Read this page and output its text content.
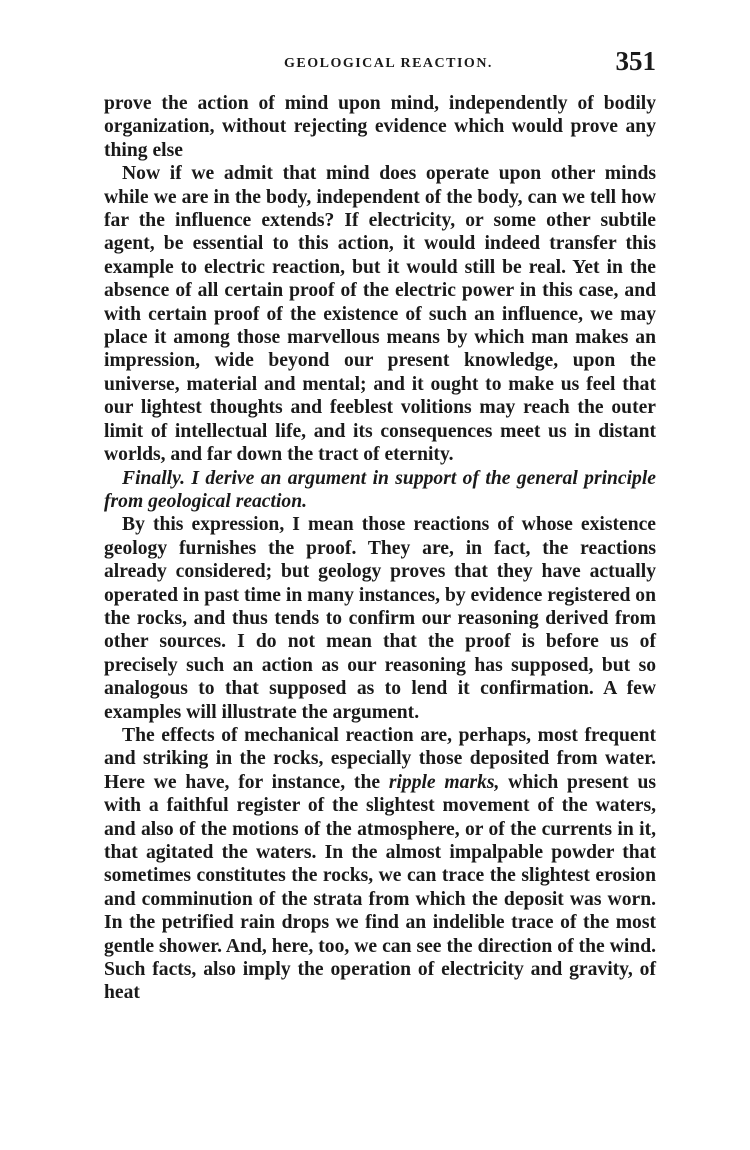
GEOLOGICAL REACTION.	351

prove the action of mind upon mind, independently of bodily organization, without rejecting evidence which would prove any thing else

Now if we admit that mind does operate upon other minds while we are in the body, independent of the body, can we tell how far the influence extends? If electricity, or some other subtile agent, be essential to this action, it would indeed transfer this example to electric reaction, but it would still be real. Yet in the absence of all certain proof of the electric power in this case, and with certain proof of the existence of such an influence, we may place it among those marvellous means by which man makes an impression, wide beyond our present knowledge, upon the universe, material and mental; and it ought to make us feel that our lightest thoughts and feeblest volitions may reach the outer limit of intellectual life, and its consequences meet us in distant worlds, and far down the tract of eternity.

Finally. I derive an argument in support of the general principle from geological reaction.

By this expression, I mean those reactions of whose existence geology furnishes the proof. They are, in fact, the reactions already considered; but geology proves that they have actually operated in past time in many instances, by evidence registered on the rocks, and thus tends to confirm our reasoning derived from other sources. I do not mean that the proof is before us of precisely such an action as our reasoning has supposed, but so analogous to that supposed as to lend it confirmation. A few examples will illustrate the argument.

The effects of mechanical reaction are, perhaps, most frequent and striking in the rocks, especially those deposited from water. Here we have, for instance, the ripple marks, which present us with a faithful register of the slightest movement of the waters, and also of the motions of the atmosphere, or of the currents in it, that agitated the waters. In the almost impalpable powder that sometimes constitutes the rocks, we can trace the slightest erosion and comminution of the strata from which the deposit was worn. In the petrified rain drops we find an indelible trace of the most gentle shower. And, here, too, we can see the direction of the wind. Such facts, also imply the operation of electricity and gravity, of heat
